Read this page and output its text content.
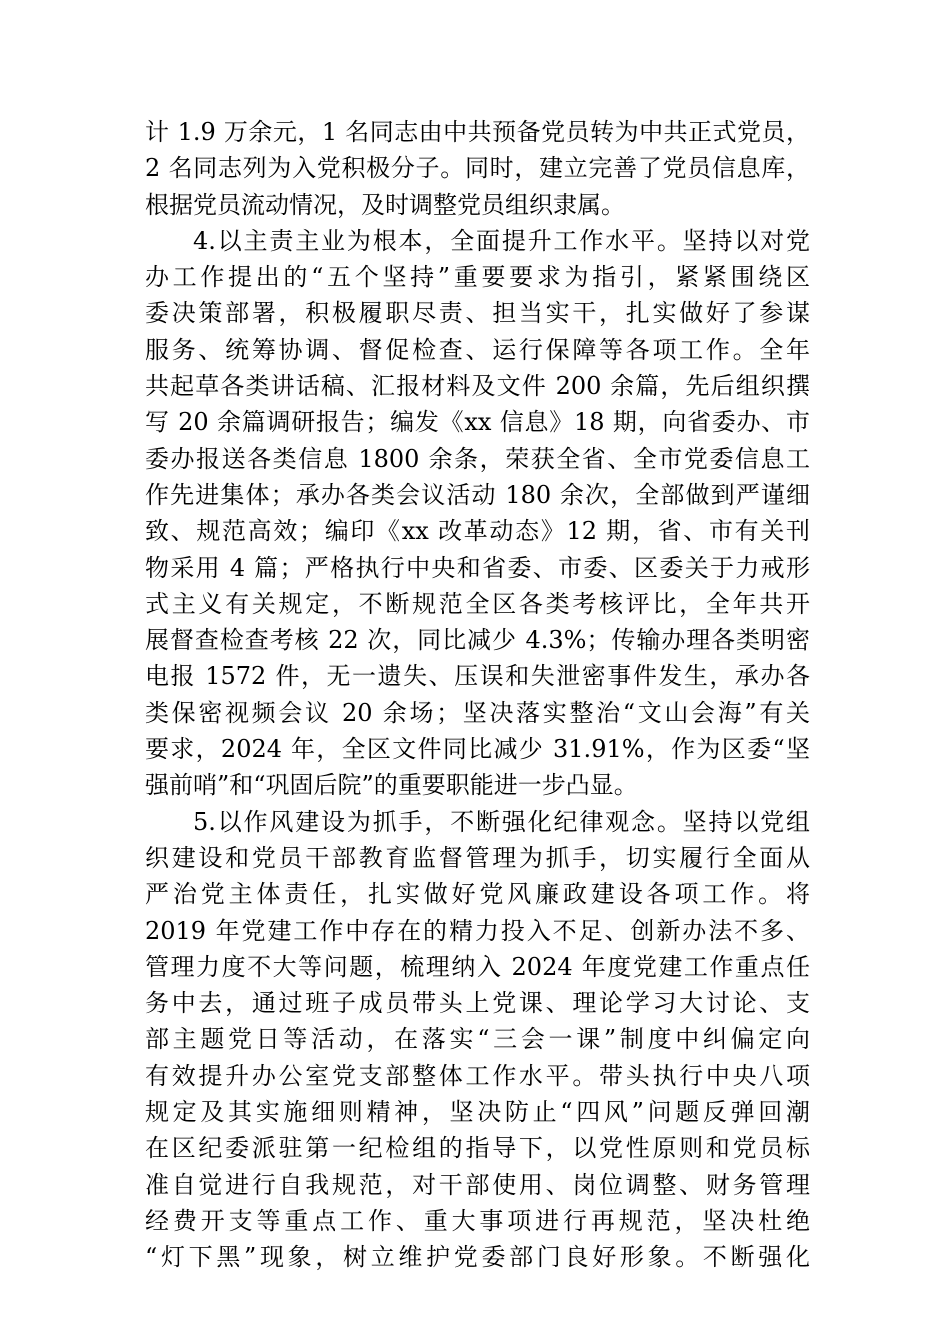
计 1.9 万余元，1 名同志由中共预备党员转为中共正式党员，
2 名同志列为入党积极分子。同时，建立完善了党员信息库，
根据党员流动情况，及时调整党员组织隶属。
4.以主责主业为根本，全面提升工作水平。坚持以对党
办工作提出的“五个坚持”重要要求为指引，紧紧围绕区
委决策部署，积极履职尽责、担当实干，扎实做好了参谋
服务、统筹协调、督促检查、运行保障等各项工作。全年
共起草各类讲话稿、汇报材料及文件 200 余篇，先后组织撰
写 20 余篇调研报告；编发《xx 信息》18 期，向省委办、市
委办报送各类信息 1800 余条，荣获全省、全市党委信息工
作先进集体；承办各类会议活动 180 余次，全部做到严谨细
致、规范高效；编印《xx 改革动态》12 期，省、市有关刊
物采用 4 篇；严格执行中央和省委、市委、区委关于力戒形
式主义有关规定，不断规范全区各类考核评比，全年共开
展督查检查考核 22 次，同比减少 4.3%；传输办理各类明密
电报 1572 件，无一遗失、压误和失泄密事件发生，承办各
类保密视频会议 20 余场；坚决落实整治“文山会海”有关
要求，2024 年，全区文件同比减少 31.91%，作为区委“坚
强前哨”和“巩固后院”的重要职能进一步凸显。
5.以作风建设为抓手，不断强化纪律观念。坚持以党组
织建设和党员干部教育监督管理为抓手，切实履行全面从
严治党主体责任，扎实做好党风廉政建设各项工作。将
2019 年党建工作中存在的精力投入不足、创新办法不多、
管理力度不大等问题，梳理纳入 2024 年度党建工作重点任
务中去，通过班子成员带头上党课、理论学习大讨论、支
部主题党日等活动，在落实“三会一课”制度中纠偏定向
有效提升办公室党支部整体工作水平。带头执行中央八项
规定及其实施细则精神，坚决防止“四风”问题反弹回潮
在区纪委派驻第一纪检组的指导下，以党性原则和党员标
准自觉进行自我规范，对干部使用、岗位调整、财务管理
经费开支等重点工作、重大事项进行再规范，坚决杜绝
“灯下黑”现象，树立维护党委部门良好形象。不断强化
